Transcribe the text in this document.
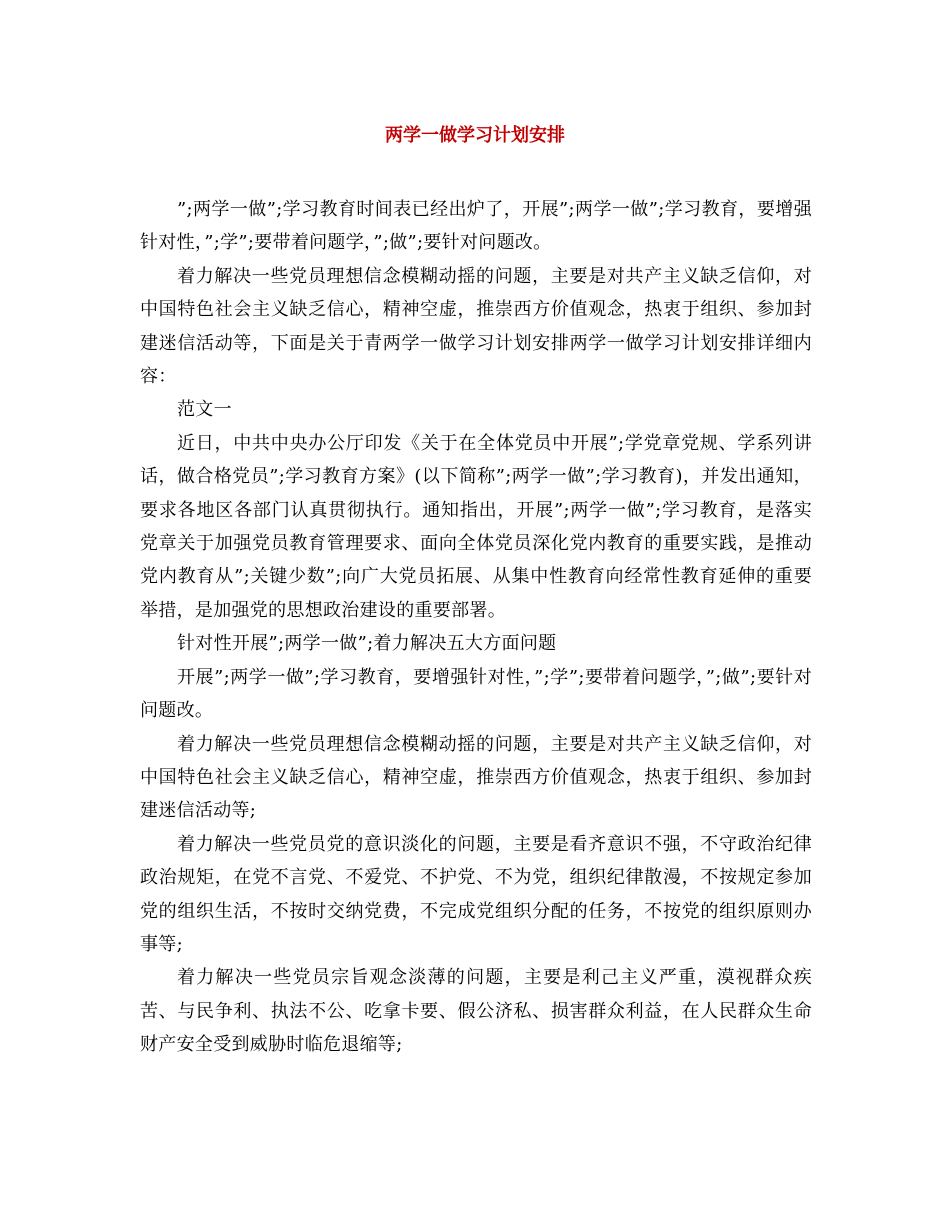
两学一做学习计划安排

”;两学一做”;学习教育时间表已经出炉了，开展”;两学一做”;学习教育，要增强针对性，”;学”;要带着问题学，”;做”;要针对问题改。

着力解决一些党员理想信念模糊动摇的问题，主要是对共产主义缺乏信仰，对中国特色社会主义缺乏信心，精神空虚，推崇西方价值观念，热衷于组织、参加封建迷信活动等，下面是关于青两学一做学习计划安排两学一做学习计划安排详细内容：

范文一

近日，中共中央办公厅印发《关于在全体党员中开展”;学党章党规、学系列讲话，做合格党员”;学习教育方案》(以下简称”;两学一做”;学习教育)，并发出通知，要求各地区各部门认真贯彻执行。通知指出，开展”;两学一做”;学习教育，是落实党章关于加强党员教育管理要求、面向全体党员深化党内教育的重要实践，是推动党内教育从”;关键少数”;向广大党员拓展、从集中性教育向经常性教育延伸的重要举措，是加强党的思想政治建设的重要部署。

针对性开展”;两学一做”;着力解决五大方面问题

开展”;两学一做”;学习教育，要增强针对性，”;学”;要带着问题学，”;做”;要针对问题改。

着力解决一些党员理想信念模糊动摇的问题，主要是对共产主义缺乏信仰，对中国特色社会主义缺乏信心，精神空虚，推崇西方价值观念，热衷于组织、参加封建迷信活动等;

着力解决一些党员党的意识淡化的问题，主要是看齐意识不强，不守政治纪律政治规矩，在党不言党、不爱党、不护党、不为党，组织纪律散漫，不按规定参加党的组织生活，不按时交纳党费，不完成党组织分配的任务，不按党的组织原则办事等;

着力解决一些党员宗旨观念淡薄的问题，主要是利己主义严重，漠视群众疾苦、与民争利、执法不公、吃拿卡要、假公济私、损害群众利益，在人民群众生命财产安全受到威胁时临危退缩等;
